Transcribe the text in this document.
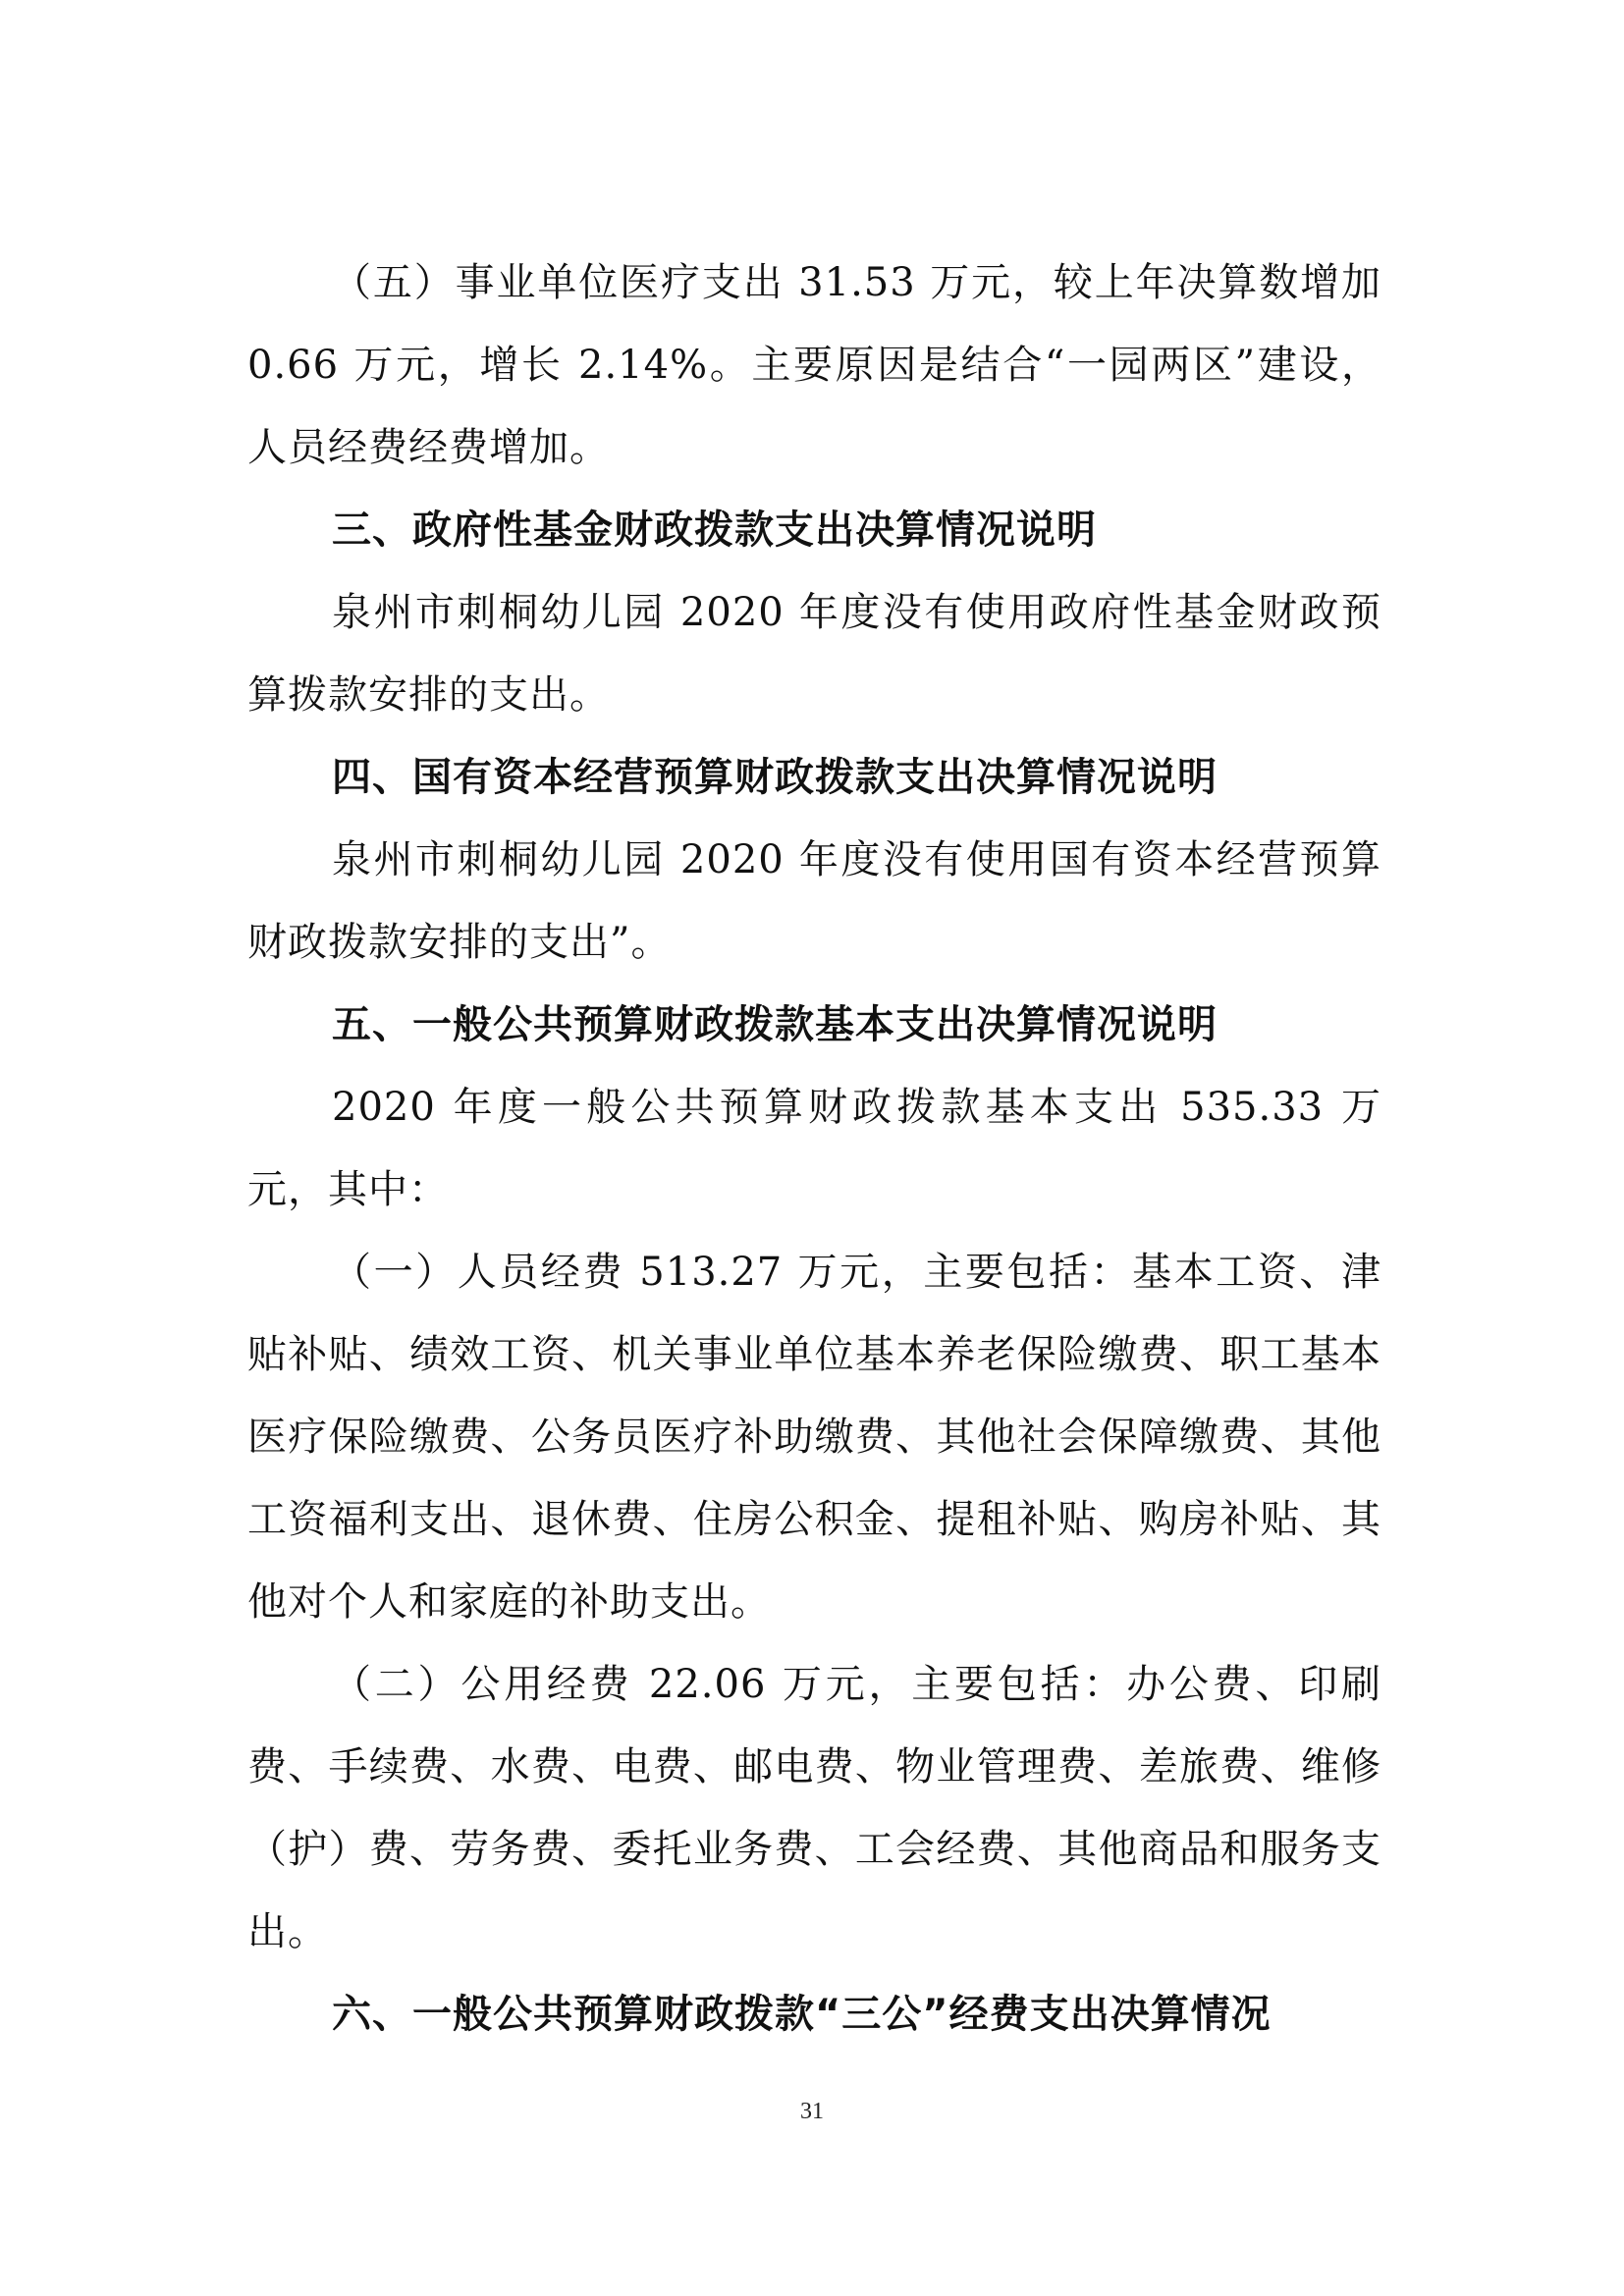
（五）事业单位医疗支出 31.53 万元，较上年决算数增加 0.66 万元，增长 2.14%。主要原因是结合“一园两区”建设，人员经费经费增加。

三、政府性基金财政拨款支出决算情况说明

泉州市刺桐幼儿园 2020 年度没有使用政府性基金财政预算拨款安排的支出。

四、国有资本经营预算财政拨款支出决算情况说明

泉州市刺桐幼儿园 2020 年度没有使用国有资本经营预算财政拨款安排的支出”。

五、一般公共预算财政拨款基本支出决算情况说明

2020 年度一般公共预算财政拨款基本支出 535.33 万元，其中：

（一）人员经费 513.27 万元，主要包括：基本工资、津贴补贴、绩效工资、机关事业单位基本养老保险缴费、职工基本医疗保险缴费、公务员医疗补助缴费、其他社会保障缴费、其他工资福利支出、退休费、住房公积金、提租补贴、购房补贴、其他对个人和家庭的补助支出。

（二）公用经费 22.06 万元，主要包括：办公费、印刷费、手续费、水费、电费、邮电费、物业管理费、差旅费、维修（护）费、劳务费、委托业务费、工会经费、其他商品和服务支出。

六、一般公共预算财政拨款“三公”经费支出决算情况

31
